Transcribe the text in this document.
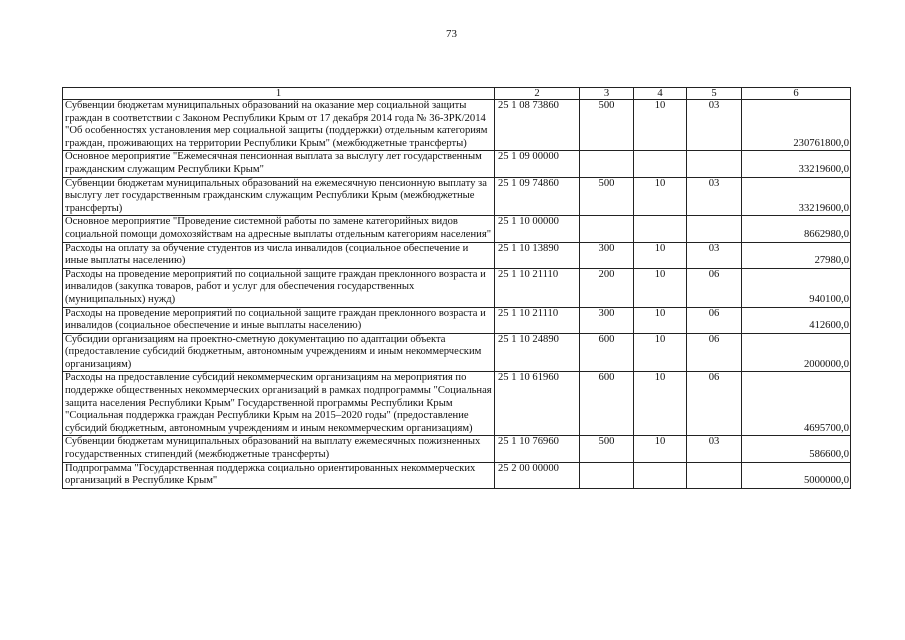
73
1	2	3	4	5	6
Субвенции бюджетам муниципальных образований на оказание мер социальной защиты граждан в соответствии с Законом Республики Крым от 17 декабря 2014 года № 36-ЗРК/2014 "Об особенностях установления мер социальной защиты (поддержки) отдельным категориям граждан, проживающих на территории Республики Крым" (межбюджетные трансферты)	25 1 08 73860	500	10	03	230761800,0
Основное мероприятие "Ежемесячная пенсионная выплата за выслугу лет государственным гражданским служащим Республики Крым"	25 1 09 00000				33219600,0
Субвенции бюджетам муниципальных образований на ежемесячную пенсионную выплату за выслугу лет государственным гражданским служащим Республики Крым (межбюджетные трансферты)	25 1 09 74860	500	10	03	33219600,0
Основное мероприятие "Проведение системной работы по замене категорийных видов социальной помощи домохозяйствам на адресные выплаты отдельным категориям населения"	25 1 10 00000				8662980,0
Расходы на оплату за обучение студентов из числа инвалидов (социальное обеспечение и иные выплаты населению)	25 1 10 13890	300	10	03	27980,0
Расходы на проведение мероприятий по социальной защите граждан преклонного возраста и инвалидов (закупка товаров, работ и услуг для обеспечения государственных (муниципальных) нужд)	25 1 10 21110	200	10	06	940100,0
Расходы на проведение мероприятий по социальной защите граждан преклонного возраста и инвалидов (социальное обеспечение и иные выплаты населению)	25 1 10 21110	300	10	06	412600,0
Субсидии организациям на проектно-сметную документацию по адаптации объекта (предоставление субсидий бюджетным, автономным учреждениям и иным некоммерческим организациям)	25 1 10 24890	600	10	06	2000000,0
Расходы на предоставление субсидий некоммерческим организациям на мероприятия по поддержке общественных некоммерческих организаций в рамках подпрограммы "Социальная защита населения Республики Крым" Государственной программы Республики Крым "Социальная поддержка граждан Республики Крым на 2015–2020 годы" (предоставление субсидий бюджетным, автономным учреждениям и иным некоммерческим организациям)	25 1 10 61960	600	10	06	4695700,0
Субвенции бюджетам муниципальных образований на выплату ежемесячных пожизненных государственных стипендий (межбюджетные трансферты)	25 1 10 76960	500	10	03	586600,0
Подпрограмма "Государственная поддержка социально ориентированных некоммерческих организаций в Республике Крым"	25 2 00 00000				5000000,0
